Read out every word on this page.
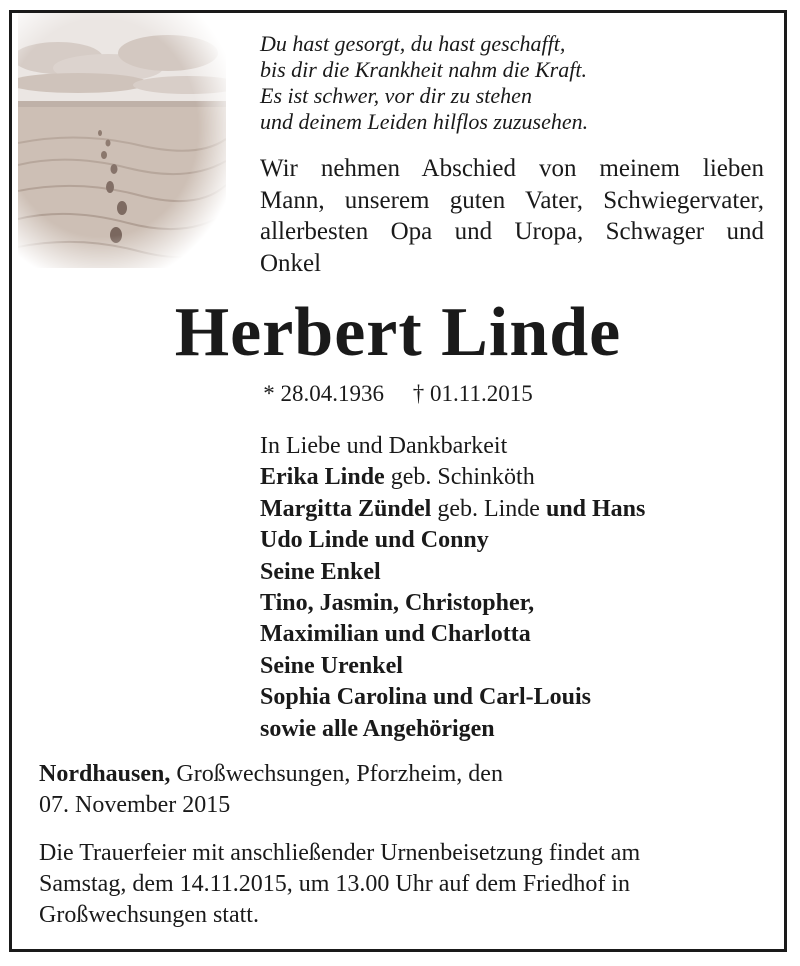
Du hast gesorgt, du hast geschafft,
bis dir die Krankheit nahm die Kraft.
Es ist schwer, vor dir zu stehen
und deinem Leiden hilflos zuzusehen.
Wir nehmen Abschied von meinem lieben
Mann, unserem guten Vater, Schwiegervater,
allerbesten Opa und Uropa, Schwager und
Onkel
Herbert Linde
* 28.04.1936 † 01.11.2015
In Liebe und Dankbarkeit
Erika Linde geb. Schinköth
Margitta Zündel geb. Linde und Hans
Udo Linde und Conny
Seine Enkel
Tino, Jasmin, Christopher,
Maximilian und Charlotta
Seine Urenkel
Sophia Carolina und Carl-Louis
sowie alle Angehörigen
Nordhausen, Großwechsungen, Pforzheim, den
07. November 2015
Die Trauerfeier mit anschließender Urnenbeisetzung findet am
Samstag, dem 14.11.2015, um 13.00 Uhr auf dem Friedhof in
Großwechsungen statt.
